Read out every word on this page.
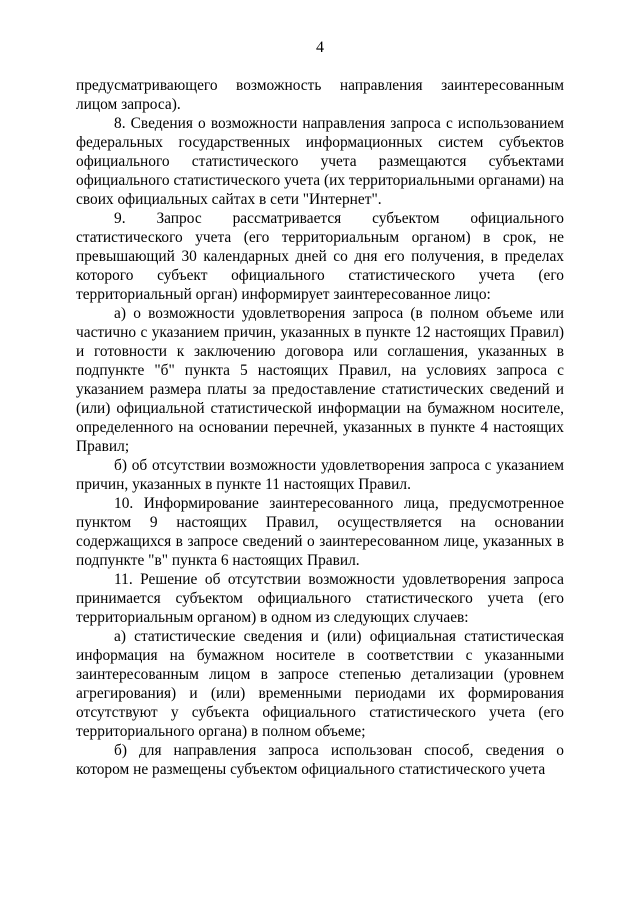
4

предусматривающего возможность направления заинтересованным лицом запроса).

8. Сведения о возможности направления запроса с использованием федеральных государственных информационных систем субъектов официального статистического учета размещаются субъектами официального статистического учета (их территориальными органами) на своих официальных сайтах в сети "Интернет".

9. Запрос рассматривается субъектом официального статистического учета (его территориальным органом) в срок, не превышающий 30 календарных дней со дня его получения, в пределах которого субъект официального статистического учета (его территориальный орган) информирует заинтересованное лицо:

а) о возможности удовлетворения запроса (в полном объеме или частично с указанием причин, указанных в пункте 12 настоящих Правил) и готовности к заключению договора или соглашения, указанных в подпункте "б" пункта 5 настоящих Правил, на условиях запроса с указанием размера платы за предоставление статистических сведений и (или) официальной статистической информации на бумажном носителе, определенного на основании перечней, указанных в пункте 4 настоящих Правил;

б) об отсутствии возможности удовлетворения запроса с указанием причин, указанных в пункте 11 настоящих Правил.

10. Информирование заинтересованного лица, предусмотренное пунктом 9 настоящих Правил, осуществляется на основании содержащихся в запросе сведений о заинтересованном лице, указанных в подпункте "в" пункта 6 настоящих Правил.

11. Решение об отсутствии возможности удовлетворения запроса принимается субъектом официального статистического учета (его территориальным органом) в одном из следующих случаев:

а) статистические сведения и (или) официальная статистическая информация на бумажном носителе в соответствии с указанными заинтересованным лицом в запросе степенью детализации (уровнем агрегирования) и (или) временными периодами их формирования отсутствуют у субъекта официального статистического учета (его территориального органа) в полном объеме;

б) для направления запроса использован способ, сведения о котором не размещены субъектом официального статистического учета
